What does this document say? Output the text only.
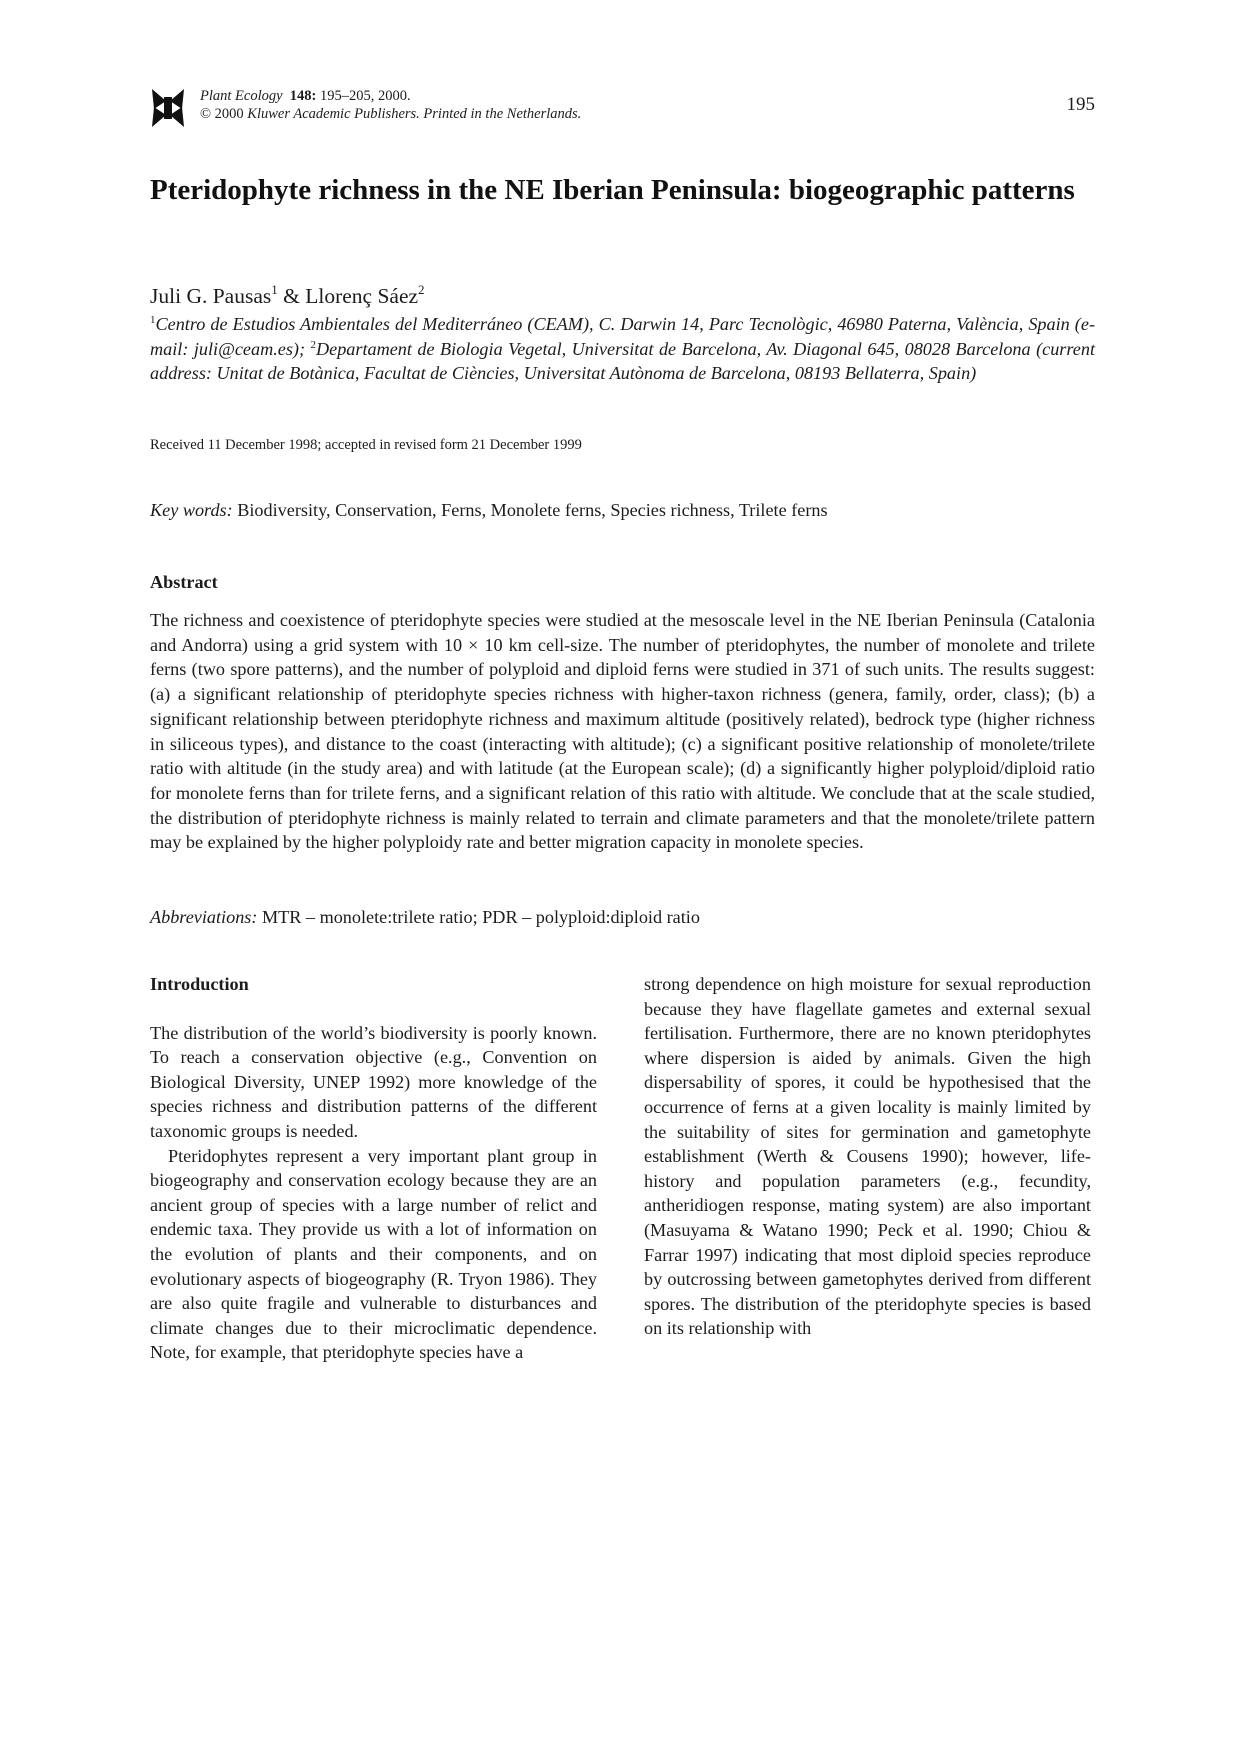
Plant Ecology 148: 195–205, 2000.
© 2000 Kluwer Academic Publishers. Printed in the Netherlands.	195
Pteridophyte richness in the NE Iberian Peninsula: biogeographic patterns
Juli G. Pausas$^1$ & Llorenç Sáez$^2$
$^1$Centro de Estudios Ambientales del Mediterráneo (CEAM), C. Darwin 14, Parc Tecnològic, 46980 Paterna, València, Spain (e-mail: juli@ceam.es); $^2$Departament de Biologia Vegetal, Universitat de Barcelona, Av. Diagonal 645, 08028 Barcelona (current address: Unitat de Botànica, Facultat de Ciències, Universitat Autònoma de Barcelona, 08193 Bellaterra, Spain)
Received 11 December 1998; accepted in revised form 21 December 1999
Key words: Biodiversity, Conservation, Ferns, Monolete ferns, Species richness, Trilete ferns
Abstract

The richness and coexistence of pteridophyte species were studied at the mesoscale level in the NE Iberian Peninsula (Catalonia and Andorra) using a grid system with 10 × 10 km cell-size. The number of pteridophytes, the number of monolete and trilete ferns (two spore patterns), and the number of polyploid and diploid ferns were studied in 371 of such units. The results suggest: (a) a significant relationship of pteridophyte species richness with higher-taxon richness (genera, family, order, class); (b) a significant relationship between pteridophyte richness and maximum altitude (positively related), bedrock type (higher richness in siliceous types), and distance to the coast (interacting with altitude); (c) a significant positive relationship of monolete/trilete ratio with altitude (in the study area) and with latitude (at the European scale); (d) a significantly higher polyploid/diploid ratio for monolete ferns than for trilete ferns, and a significant relation of this ratio with altitude. We conclude that at the scale studied, the distribution of pteridophyte richness is mainly related to terrain and climate parameters and that the monolete/trilete pattern may be explained by the higher polyploidy rate and better migration capacity in monolete species.

Abbreviations: MTR – monolete:trilete ratio; PDR – polyploid:diploid ratio
Introduction

The distribution of the world’s biodiversity is poorly known. To reach a conservation objective (e.g., Convention on Biological Diversity, UNEP 1992) more knowledge of the species richness and distribution patterns of the different taxonomic groups is needed.

Pteridophytes represent a very important plant group in biogeography and conservation ecology because they are an ancient group of species with a large number of relict and endemic taxa. They provide us with a lot of information on the evolution of plants and their components, and on evolutionary aspects of biogeography (R. Tryon 1986). They are also quite fragile and vulnerable to disturbances and climate changes due to their microclimatic dependence. Note, for example, that pteridophyte species have a

strong dependence on high moisture for sexual reproduction because they have flagellate gametes and external sexual fertilisation. Furthermore, there are no known pteridophytes where dispersion is aided by animals. Given the high dispersability of spores, it could be hypothesised that the occurrence of ferns at a given locality is mainly limited by the suitability of sites for germination and gametophyte establishment (Werth & Cousens 1990); however, life-history and population parameters (e.g., fecundity, antheridiogen response, mating system) are also important (Masuyama & Watano 1990; Peck et al. 1990; Chiou & Farrar 1997) indicating that most diploid species reproduce by outcrossing between gametophytes derived from different spores. The distribution of the pteridophyte species is based on its relationship with
